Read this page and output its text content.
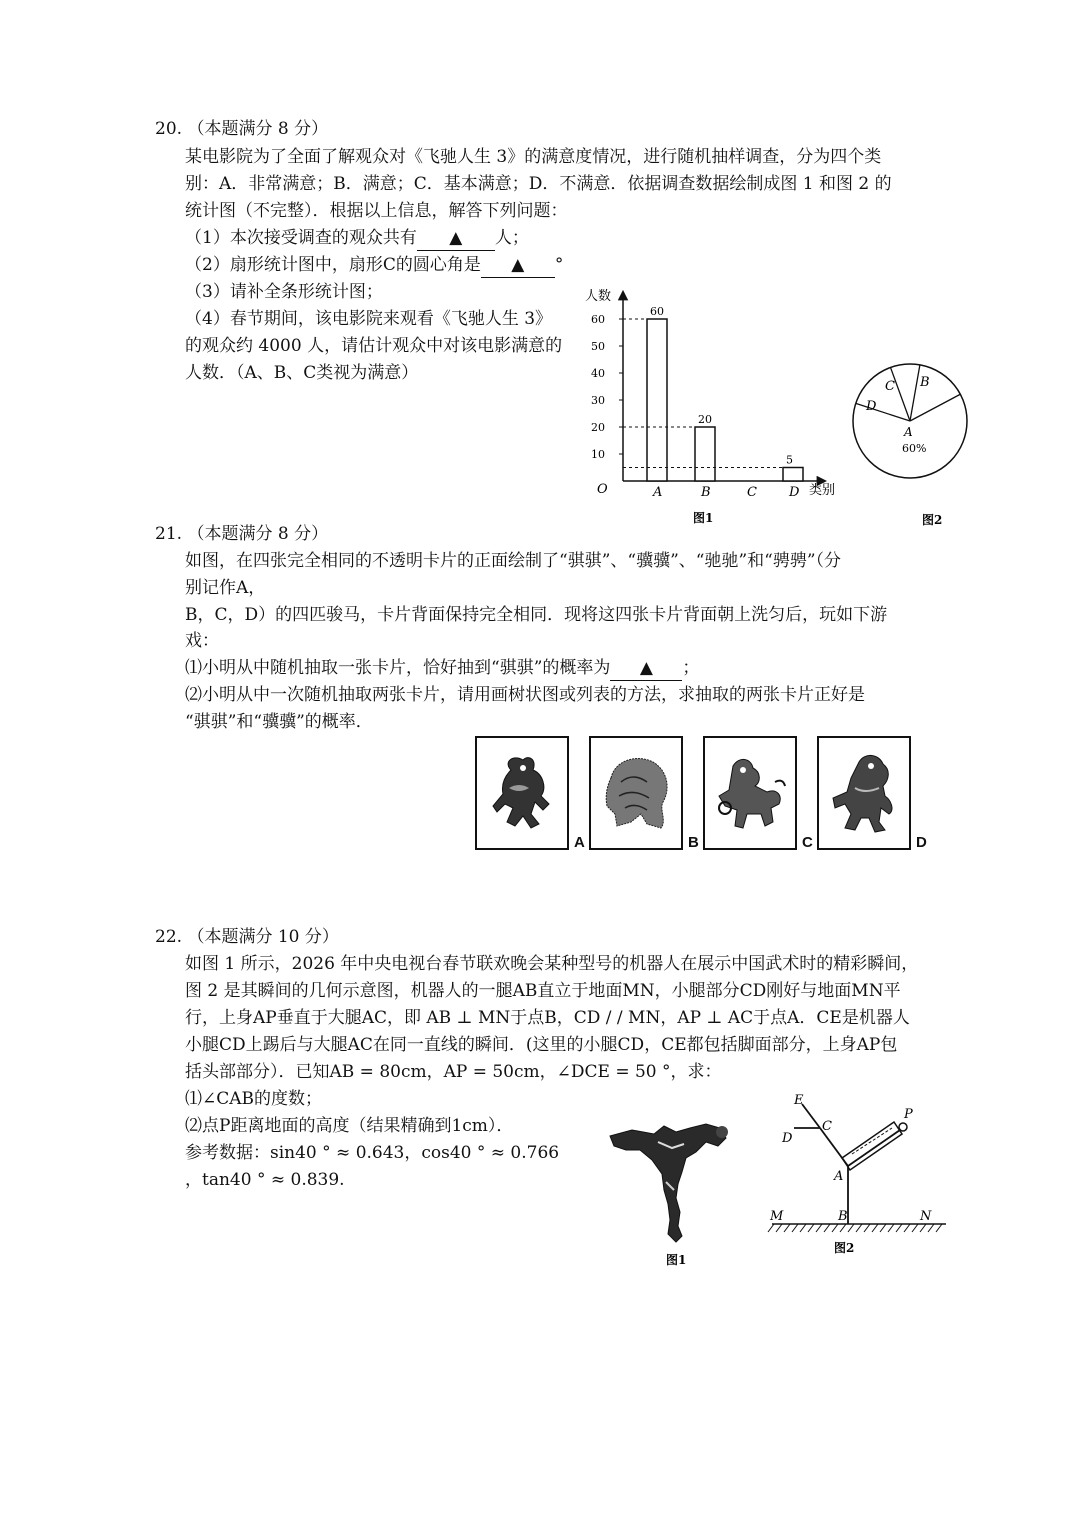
20. （本题满分 8 分）
某电影院为了全面了解观众对《飞驰人生 3》的满意度情况，进行随机抽样调查，分为四个类
别：A．非常满意；B．满意；C．基本满意；D．不满意．依据调查数据绘制成图 1 和图 2 的
统计图（不完整）．根据以上信息，解答下列问题：
（1）本次接受调查的观众共有 ▲ 人；
（2）扇形统计图中，扇形C的圆心角是 ▲ °
（3）请补全条形统计图；
（4）春节期间，该电影院来观看《飞驰人生 3》
的观众约 4000 人，请估计观众中对该电影满意的
人数．（A、B、C类视为满意）
人数
类别
O
10
20
30
40
50
60
A
60
B
20
C D
5
图1
C B
D
A
60%
图2
21. （本题满分 8 分）
如图，在四张完全相同的不透明卡片的正面绘制了“骐骐”、“骥骥”、“驰驰”和“骋骋”（分
别记作A，
B，C，D）的四匹骏马，卡片背面保持完全相同．现将这四张卡片背面朝上洗匀后，玩如下游
戏：
⑴小明从中随机抽取一张卡片，恰好抽到“骐骐”的概率为 ▲ ；
⑵小明从中一次随机抽取两张卡片，请用画树状图或列表的方法，求抽取的两张卡片正好是
“骐骐”和“骥骥”的概率．
A	B	C	D
22. （本题满分 10 分）
如图 1 所示，2026 年中央电视台春节联欢晚会某种型号的机器人在展示中国武术时的精彩瞬间，
图 2 是其瞬间的几何示意图，机器人的一腿AB直立于地面MN，小腿部分CD刚好与地面MN平
行，上身AP垂直于大腿AC，即 AB ⊥ MN于点B，CD / / MN，AP ⊥ AC于点A．CE是机器人
小腿CD上踢后与大腿AC在同一直线的瞬间．(这里的小腿CD，CE都包括脚面部分，上身AP包
括头部部分）．已知AB = 80cm，AP = 50cm，∠DCE = 50 °，求：
⑴∠CAB的度数；
⑵点P距离地面的高度（结果精确到1cm）．
参考数据：sin40 ° ≈ 0.643，cos40 ° ≈ 0.766
，tan40 ° ≈ 0.839.
图1
E
C
D
A
P
M	B	N
图2
